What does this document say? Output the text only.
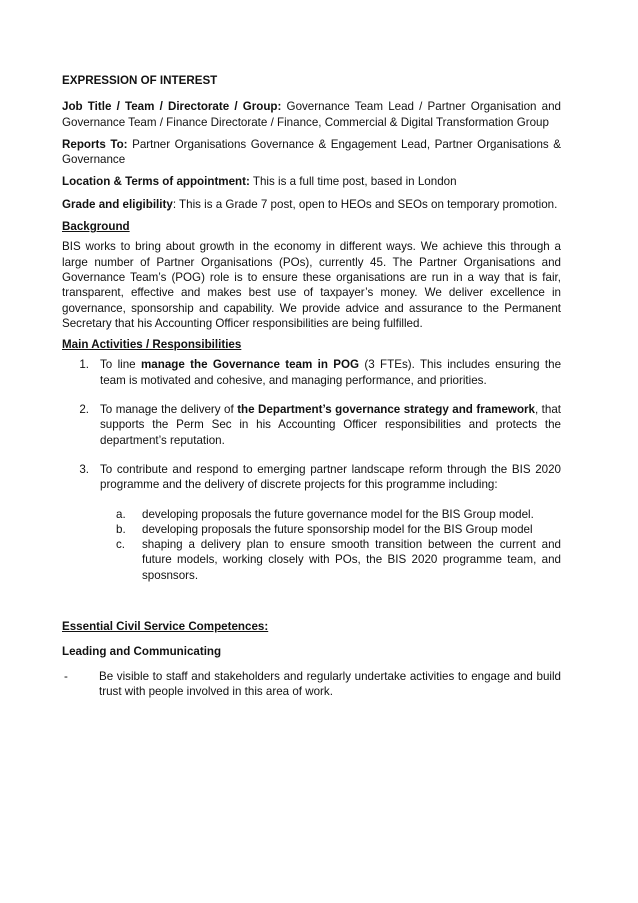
EXPRESSION OF INTEREST

Job Title / Team / Directorate / Group: Governance Team Lead / Partner Organisation and Governance Team / Finance Directorate / Finance, Commercial & Digital Transformation Group

Reports To: Partner Organisations Governance & Engagement Lead, Partner Organisations & Governance

Location & Terms of appointment: This is a full time post, based in London

Grade and eligibility: This is a Grade 7 post, open to HEOs and SEOs on temporary promotion.

Background

BIS works to bring about growth in the economy in different ways. We achieve this through a large number of Partner Organisations (POs), currently 45. The Partner Organisations and Governance Team’s (POG) role is to ensure these organisations are run in a way that is fair, transparent, effective and makes best use of taxpayer’s money. We deliver excellence in governance, sponsorship and capability. We provide advice and assurance to the Permanent Secretary that his Accounting Officer responsibilities are being fulfilled.

Main Activities / Responsibilities

1. To line manage the Governance team in POG (3 FTEs). This includes ensuring the team is motivated and cohesive, and managing performance, and priorities.

2. To manage the delivery of the Department’s governance strategy and framework, that supports the Perm Sec in his Accounting Officer responsibilities and protects the department’s reputation.

3. To contribute and respond to emerging partner landscape reform through the BIS 2020 programme and the delivery of discrete projects for this programme including:

a. developing proposals the future governance model for the BIS Group model.

b. developing proposals the future sponsorship model for the BIS Group model

c. shaping a delivery plan to ensure smooth transition between the current and future models, working closely with POs, the BIS 2020 programme team, and sposnsors.

Essential Civil Service Competences:

Leading and Communicating

-	Be visible to staff and stakeholders and regularly undertake activities to engage and build trust with people involved in this area of work.
